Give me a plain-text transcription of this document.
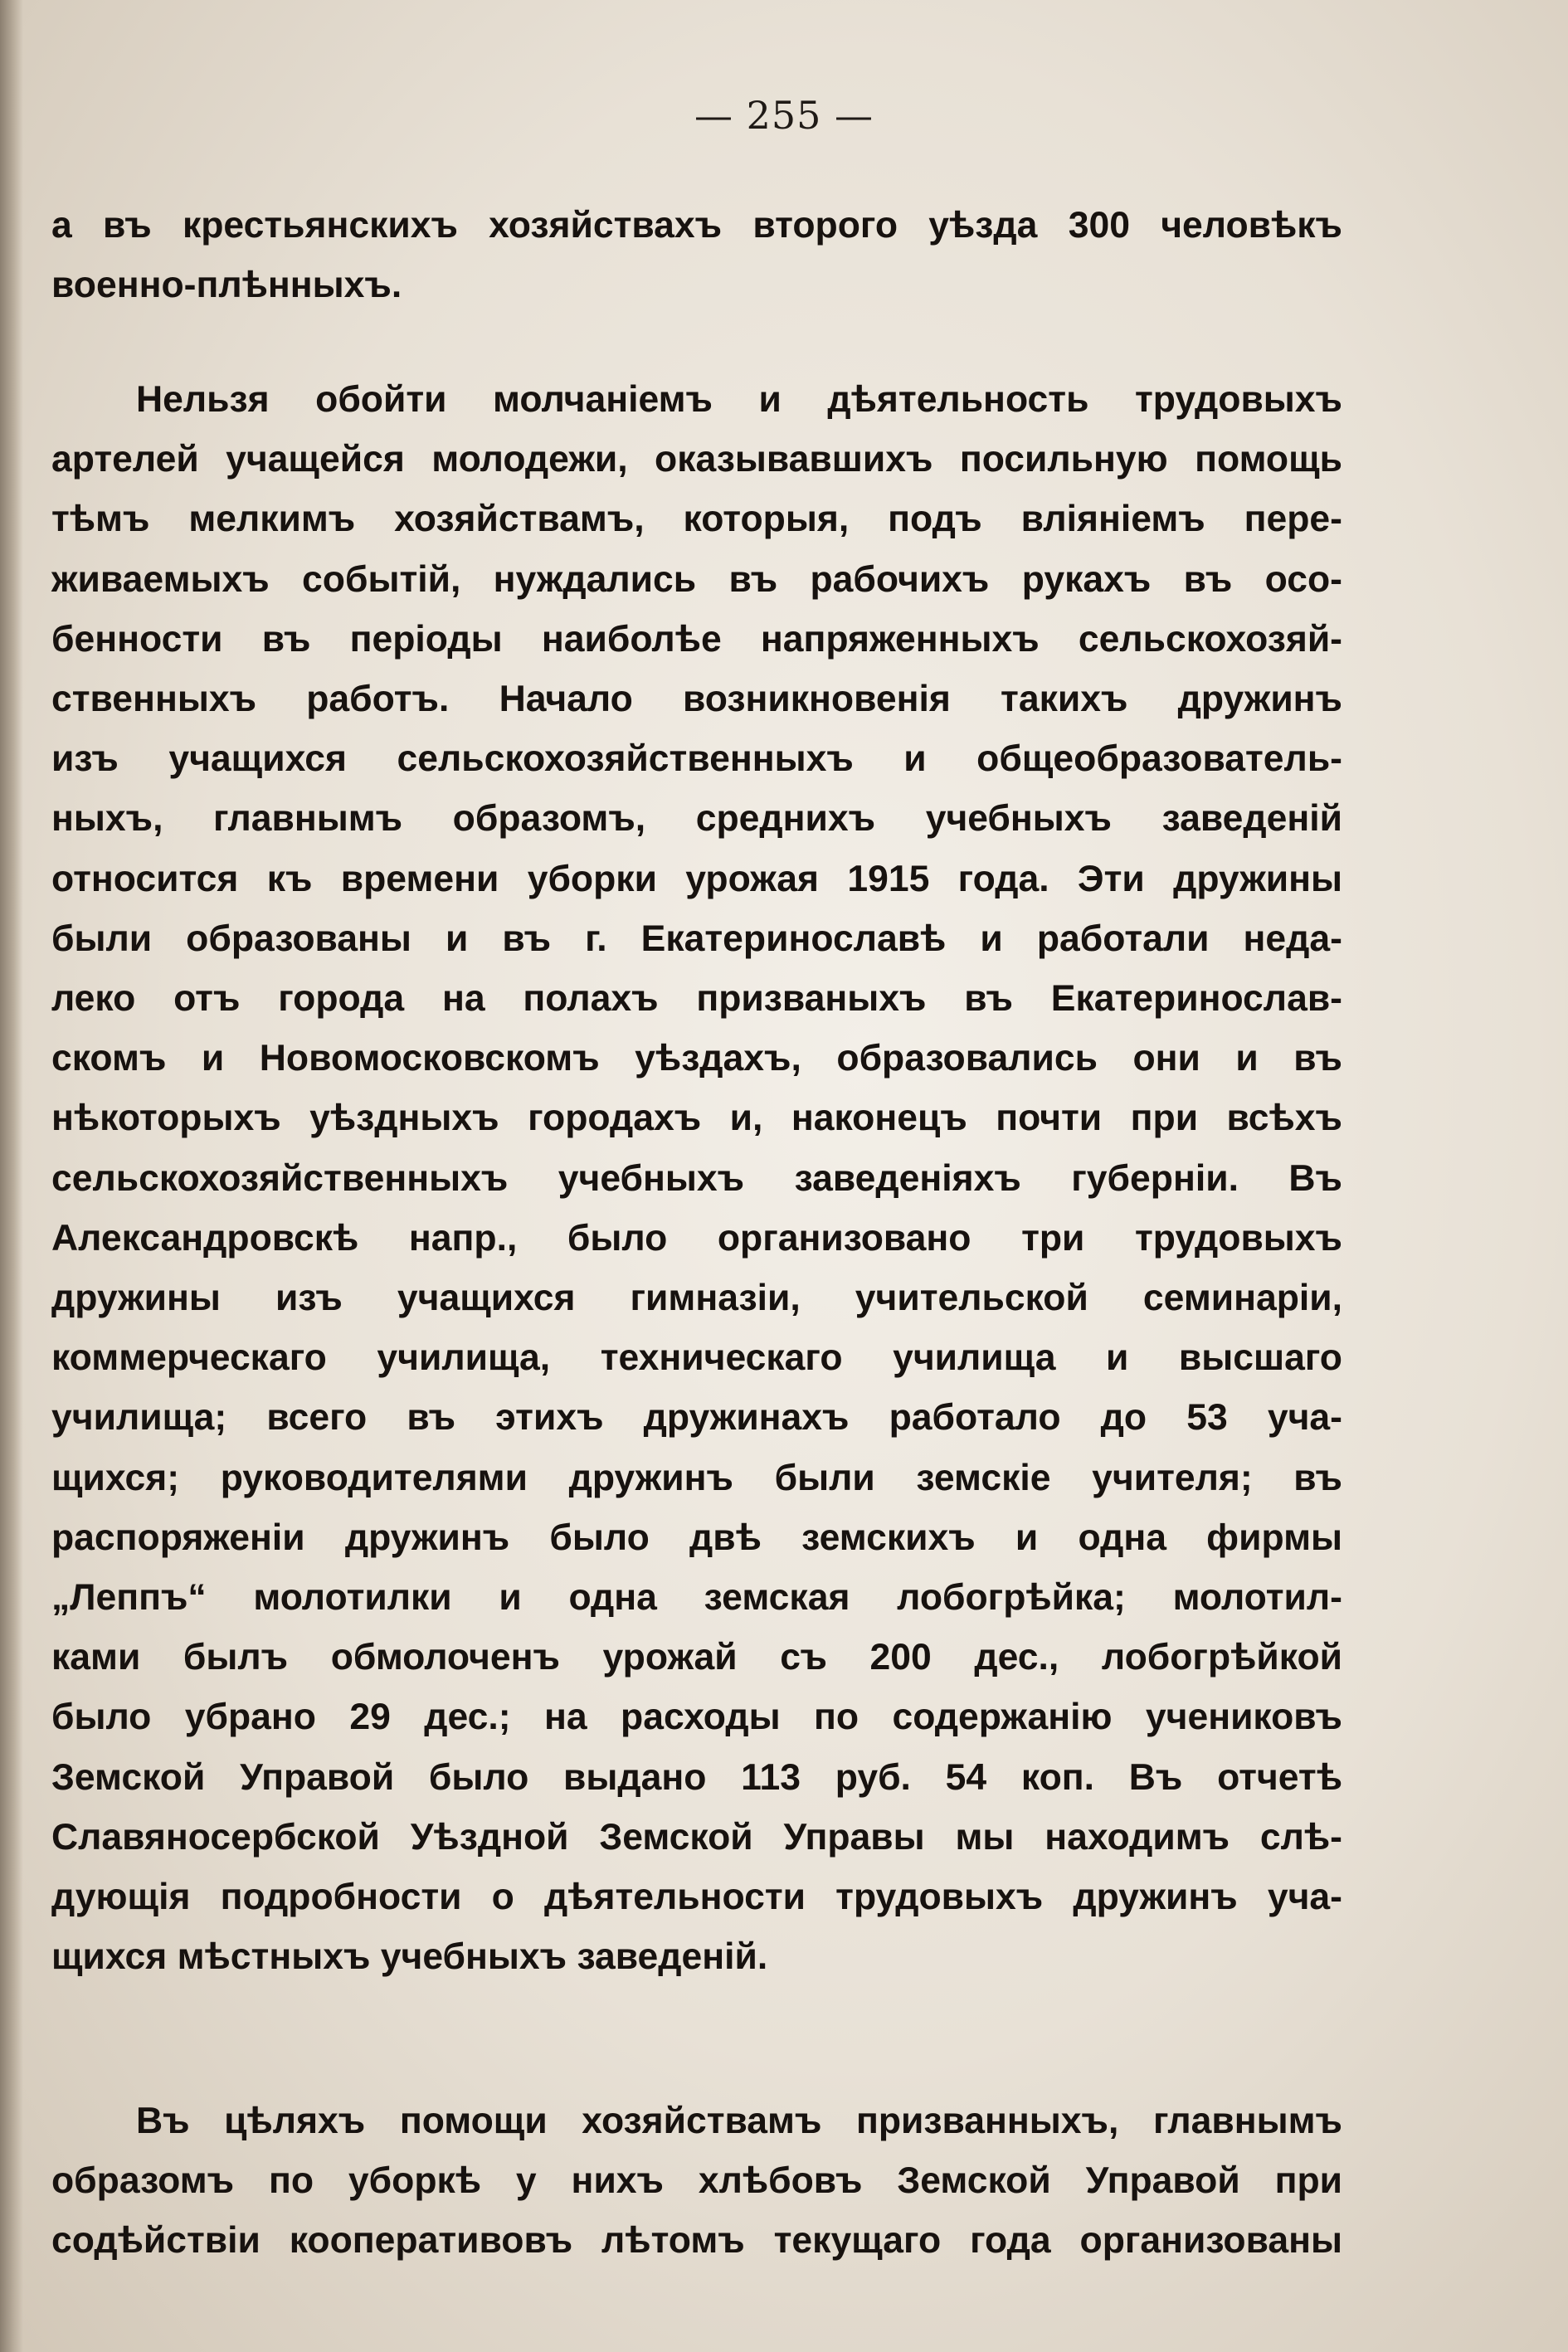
— 255 —
а въ крестьянскихъ хозяйствахъ второго уѣзда 300 человѣкъ
военно-плѣнныхъ.
Нельзя обойти молчаніемъ и дѣятельность трудовыхъ
артелей учащейся молодежи, оказывавшихъ посильную помощь
тѣмъ мелкимъ хозяйствамъ, которыя, подъ вліяніемъ пере-
живаемыхъ событій, нуждались въ рабочихъ рукахъ въ осо-
бенности въ періоды наиболѣе напряженныхъ сельскохозяй-
ственныхъ работъ. Начало возникновенія такихъ дружинъ
изъ учащихся сельскохозяйственныхъ и общеобразователь-
ныхъ, главнымъ образомъ, среднихъ учебныхъ заведеній
относится къ времени уборки урожая 1915 года. Эти дружины
были образованы и въ г. Екатеринославѣ и работали неда-
леко отъ города на полахъ призваныхъ въ Екатеринослав-
скомъ и Новомосковскомъ уѣздахъ, образовались они и въ
нѣкоторыхъ уѣздныхъ городахъ и, наконецъ почти при всѣхъ
сельскохозяйственныхъ учебныхъ заведеніяхъ губерніи. Въ
Александровскѣ напр., было организовано три трудовыхъ
дружины изъ учащихся гимназіи, учительской семинаріи,
коммерческаго училища, техническаго училища и высшаго
училища; всего въ этихъ дружинахъ работало до 53 уча-
щихся; руководителями дружинъ были земскіе учителя; въ
распоряженіи дружинъ было двѣ земскихъ и одна фирмы
„Леппъ“ молотилки и одна земская лобогрѣйка; молотил-
ками былъ обмолоченъ урожай съ 200 дес., лобогрѣйкой
было убрано 29 дес.; на расходы по содержанію учениковъ
Земской Управой было выдано 113 руб. 54 коп. Въ отчетѣ
Славяносербской Уѣздной Земской Управы мы находимъ слѣ-
дующія подробности о дѣятельности трудовыхъ дружинъ уча-
щихся мѣстныхъ учебныхъ заведеній.
Въ цѣляхъ помощи хозяйствамъ призванныхъ, главнымъ
образомъ по уборкѣ у нихъ хлѣбовъ Земской Управой при
содѣйствіи кооперативовъ лѣтомъ текущаго года организованы
